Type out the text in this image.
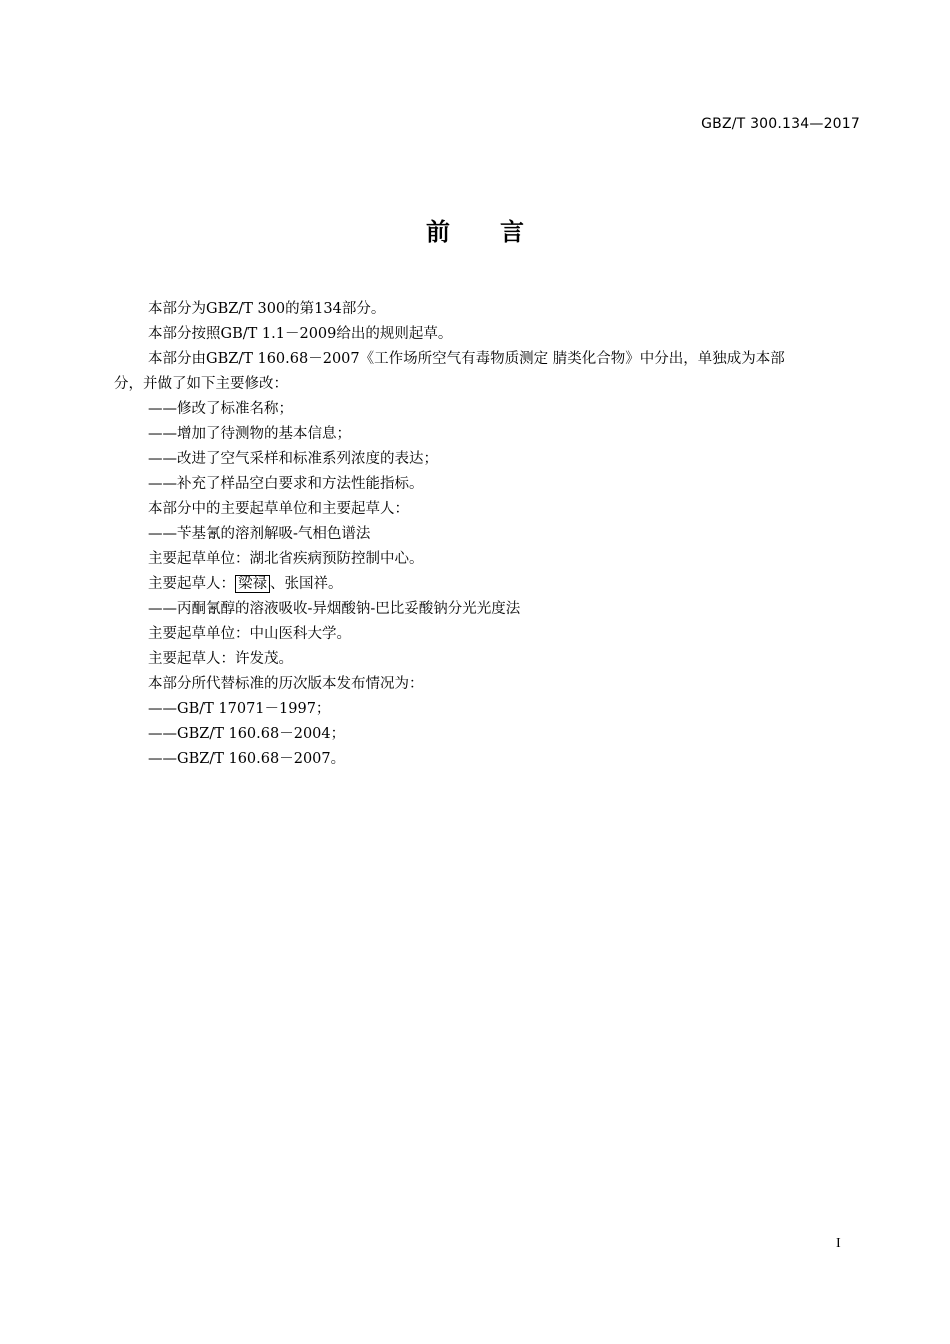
GBZ/T 300.134—2017
前 言
本部分为GBZ/T 300的第134部分。
本部分按照GB/T 1.1－2009给出的规则起草。
本部分由GBZ/T 160.68－2007《工作场所空气有毒物质测定 腈类化合物》中分出，单独成为本部
分，并做了如下主要修改：
——修改了标准名称；
——增加了待测物的基本信息；
——改进了空气采样和标准系列浓度的表达；
——补充了样品空白要求和方法性能指标。
本部分中的主要起草单位和主要起草人：
——苄基氰的溶剂解吸-气相色谱法
主要起草单位：湖北省疾病预防控制中心。
主要起草人： 梁禄 、张国祥。
——丙酮氰醇的溶液吸收-异烟酸钠-巴比妥酸钠分光光度法
主要起草单位：中山医科大学。
主要起草人：许发茂。
本部分所代替标准的历次版本发布情况为：
——GB/T 17071－1997；
——GBZ/T 160.68－2004；
——GBZ/T 160.68－2007。
I
